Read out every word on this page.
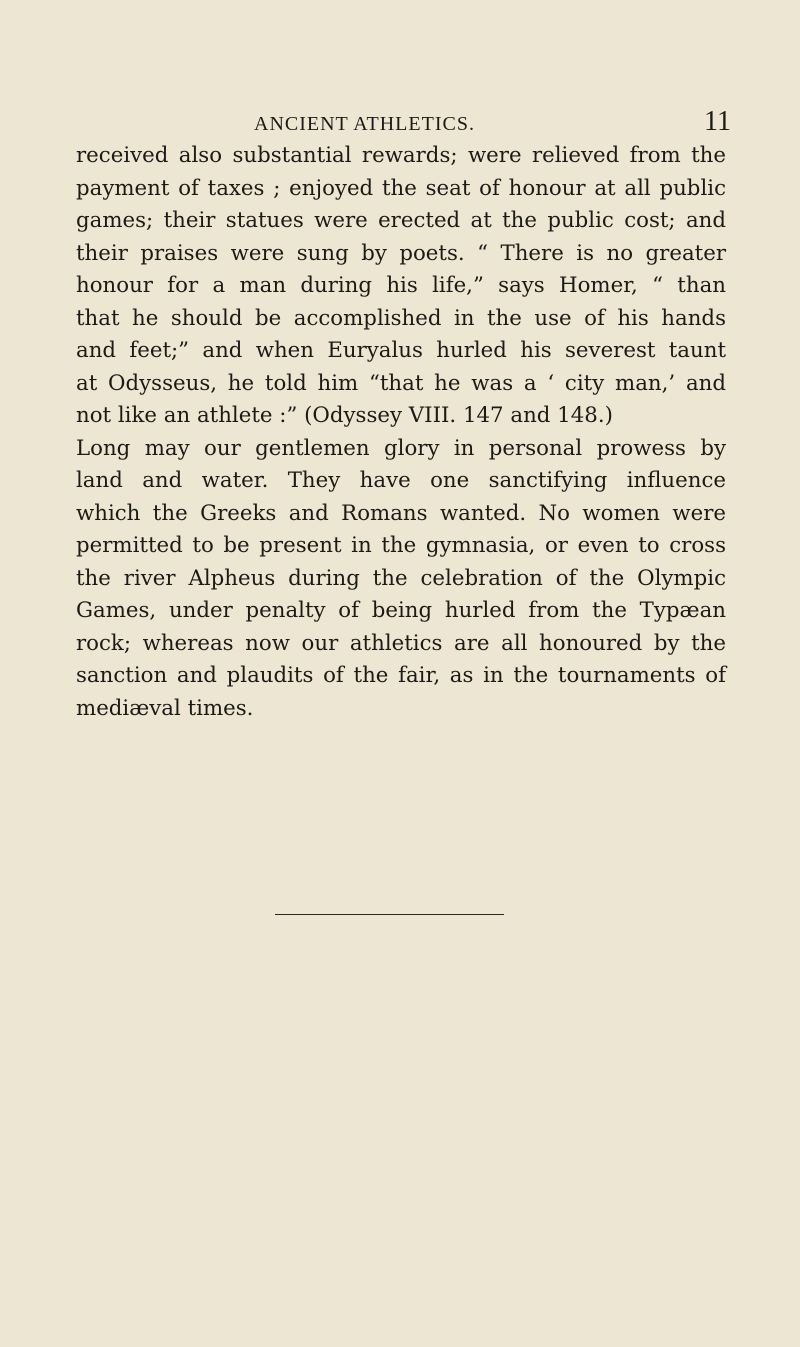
ANCIENT ATHLETICS.	11
received also substantial rewards; were relieved from the
payment of taxes ; enjoyed the seat of honour at all public
games; their statues were erected at the public cost; and
their praises were sung by poets. “ There is no greater
honour for a man during his life,” says Homer, “ than
that he should be accomplished in the use of his hands
and feet;” and when Euryalus hurled his severest taunt
at Odysseus, he told him “that he was a ‘ city man,’ and
not like an athlete :” (Odyssey VIII. 147 and 148.)
Long may our gentlemen glory in personal prowess by
land and water. They have one sanctifying influence
which the Greeks and Romans wanted. No women were
permitted to be present in the gymnasia, or even to cross
the river Alpheus during the celebration of the Olympic
Games, under penalty of being hurled from the Typæan
rock; whereas now our athletics are all honoured by the
sanction and plaudits of the fair, as in the tournaments of
mediæval times.
